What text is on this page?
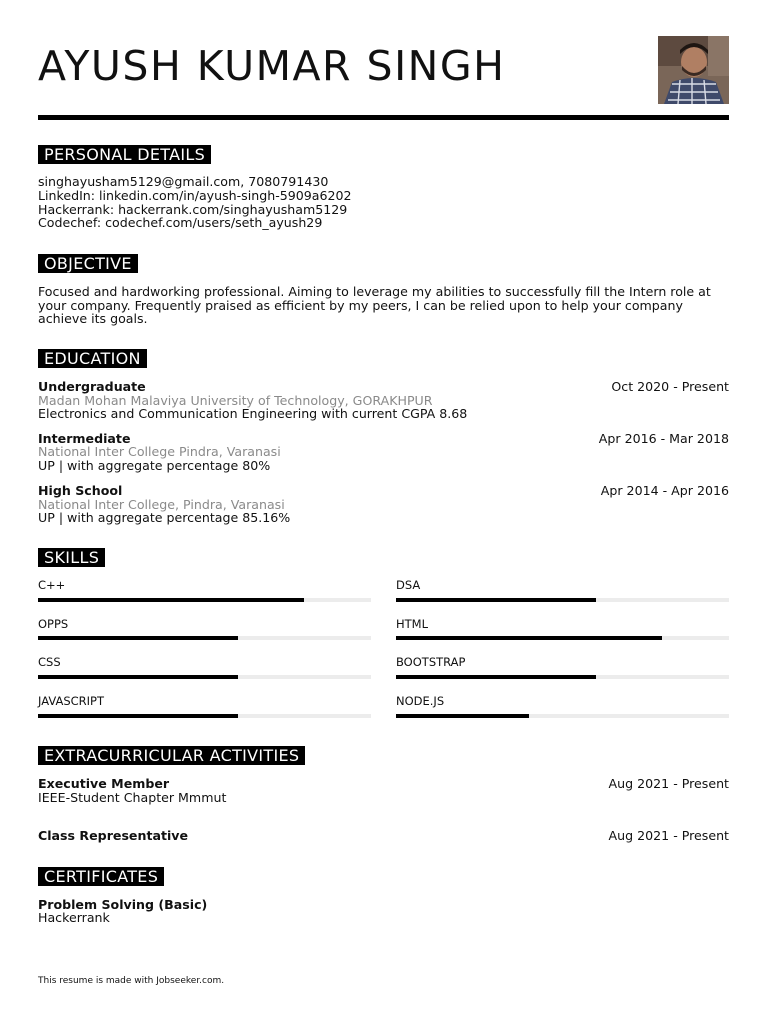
AYUSH KUMAR SINGH
PERSONAL DETAILS
singhayusham5129@gmail.com, 7080791430
LinkedIn: linkedin.com/in/ayush-singh-5909a6202
Hackerrank: hackerrank.com/singhayusham5129
Codechef: codechef.com/users/seth_ayush29
OBJECTIVE
Focused and hardworking professional. Aiming to leverage my abilities to successfully fill the Intern role at your company. Frequently praised as efficient by my peers, I can be relied upon to help your company achieve its goals.
EDUCATION
Undergraduate	Oct 2020 - Present
Madan Mohan Malaviya University of Technology, GORAKHPUR
Electronics and Communication Engineering with current CGPA 8.68
Intermediate	Apr 2016 - Mar 2018
National Inter College Pindra, Varanasi
UP | with aggregate percentage 80%
High School	Apr 2014 - Apr 2016
National Inter College, Pindra, Varanasi
UP | with aggregate percentage 85.16%
SKILLS
C++	DSA
OPPS	HTML
CSS	BOOTSTRAP
JAVASCRIPT	NODE.JS
EXTRACURRICULAR ACTIVITIES
Executive Member	Aug 2021 - Present
IEEE-Student Chapter Mmmut
Class Representative	Aug 2021 - Present
CERTIFICATES
Problem Solving (Basic)
Hackerrank
This resume is made with Jobseeker.com.
